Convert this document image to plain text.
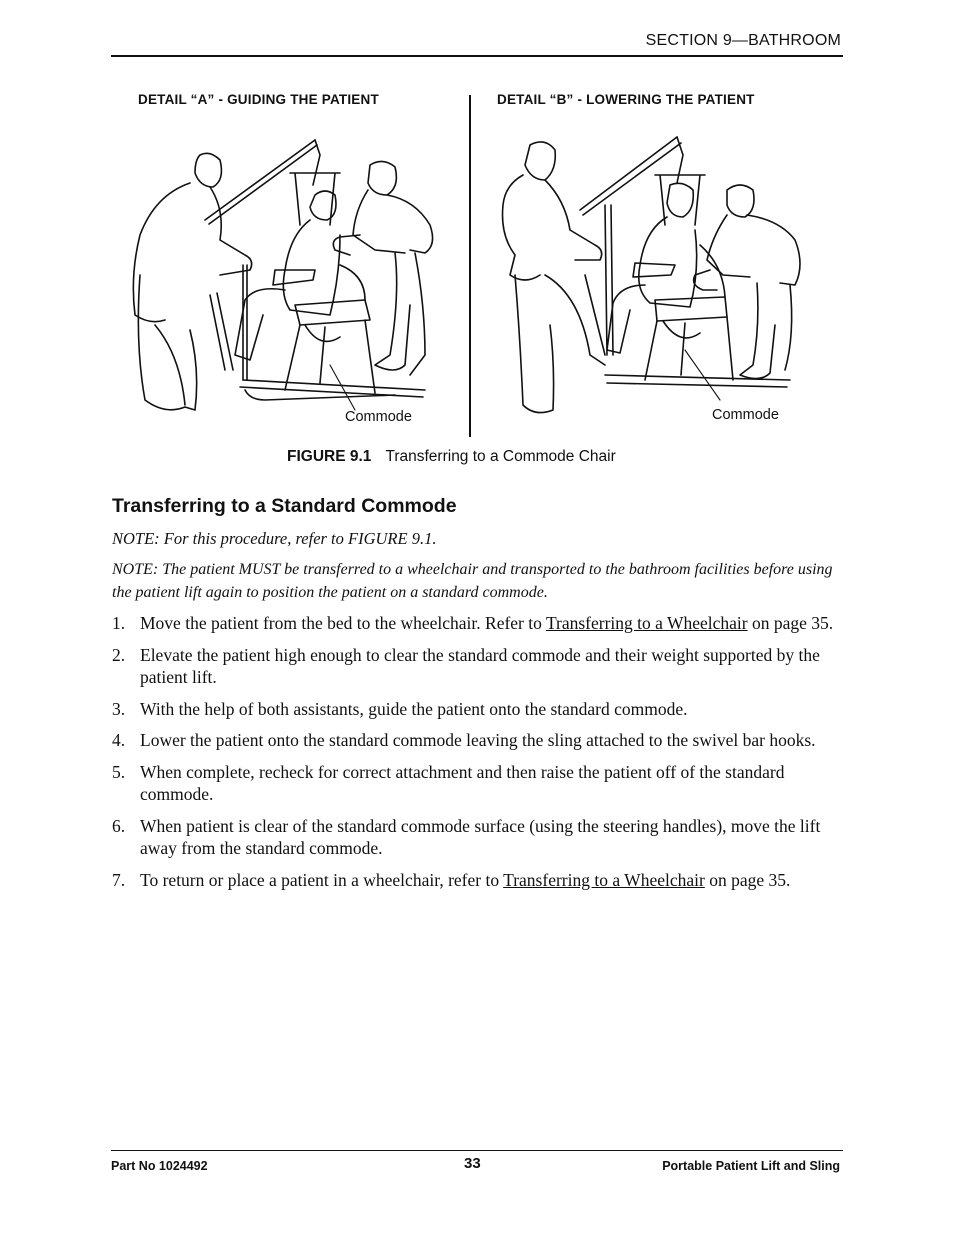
SECTION 9—BATHROOM
DETAIL “A” - GUIDING THE PATIENT	DETAIL “B” - LOWERING THE PATIENT
Commode	Commode
FIGURE 9.1 Transferring to a Commode Chair
Transferring to a Standard Commode

NOTE: For this procedure, refer to FIGURE 9.1.

NOTE: The patient MUST be transferred to a wheelchair and transported to the bathroom facilities before using the patient lift again to position the patient on a standard commode.

1. Move the patient from the bed to the wheelchair. Refer to Transferring to a Wheelchair on page 35.
2. Elevate the patient high enough to clear the standard commode and their weight supported by the patient lift.
3. With the help of both assistants, guide the patient onto the standard commode.
4. Lower the patient onto the standard commode leaving the sling attached to the swivel bar hooks.
5. When complete, recheck for correct attachment and then raise the patient off of the standard commode.
6. When patient is clear of the standard commode surface (using the steering handles), move the lift away from the standard commode.
7. To return or place a patient in a wheelchair, refer to Transferring to a Wheelchair on page 35.
Part No 1024492	33	Portable Patient Lift and Sling
